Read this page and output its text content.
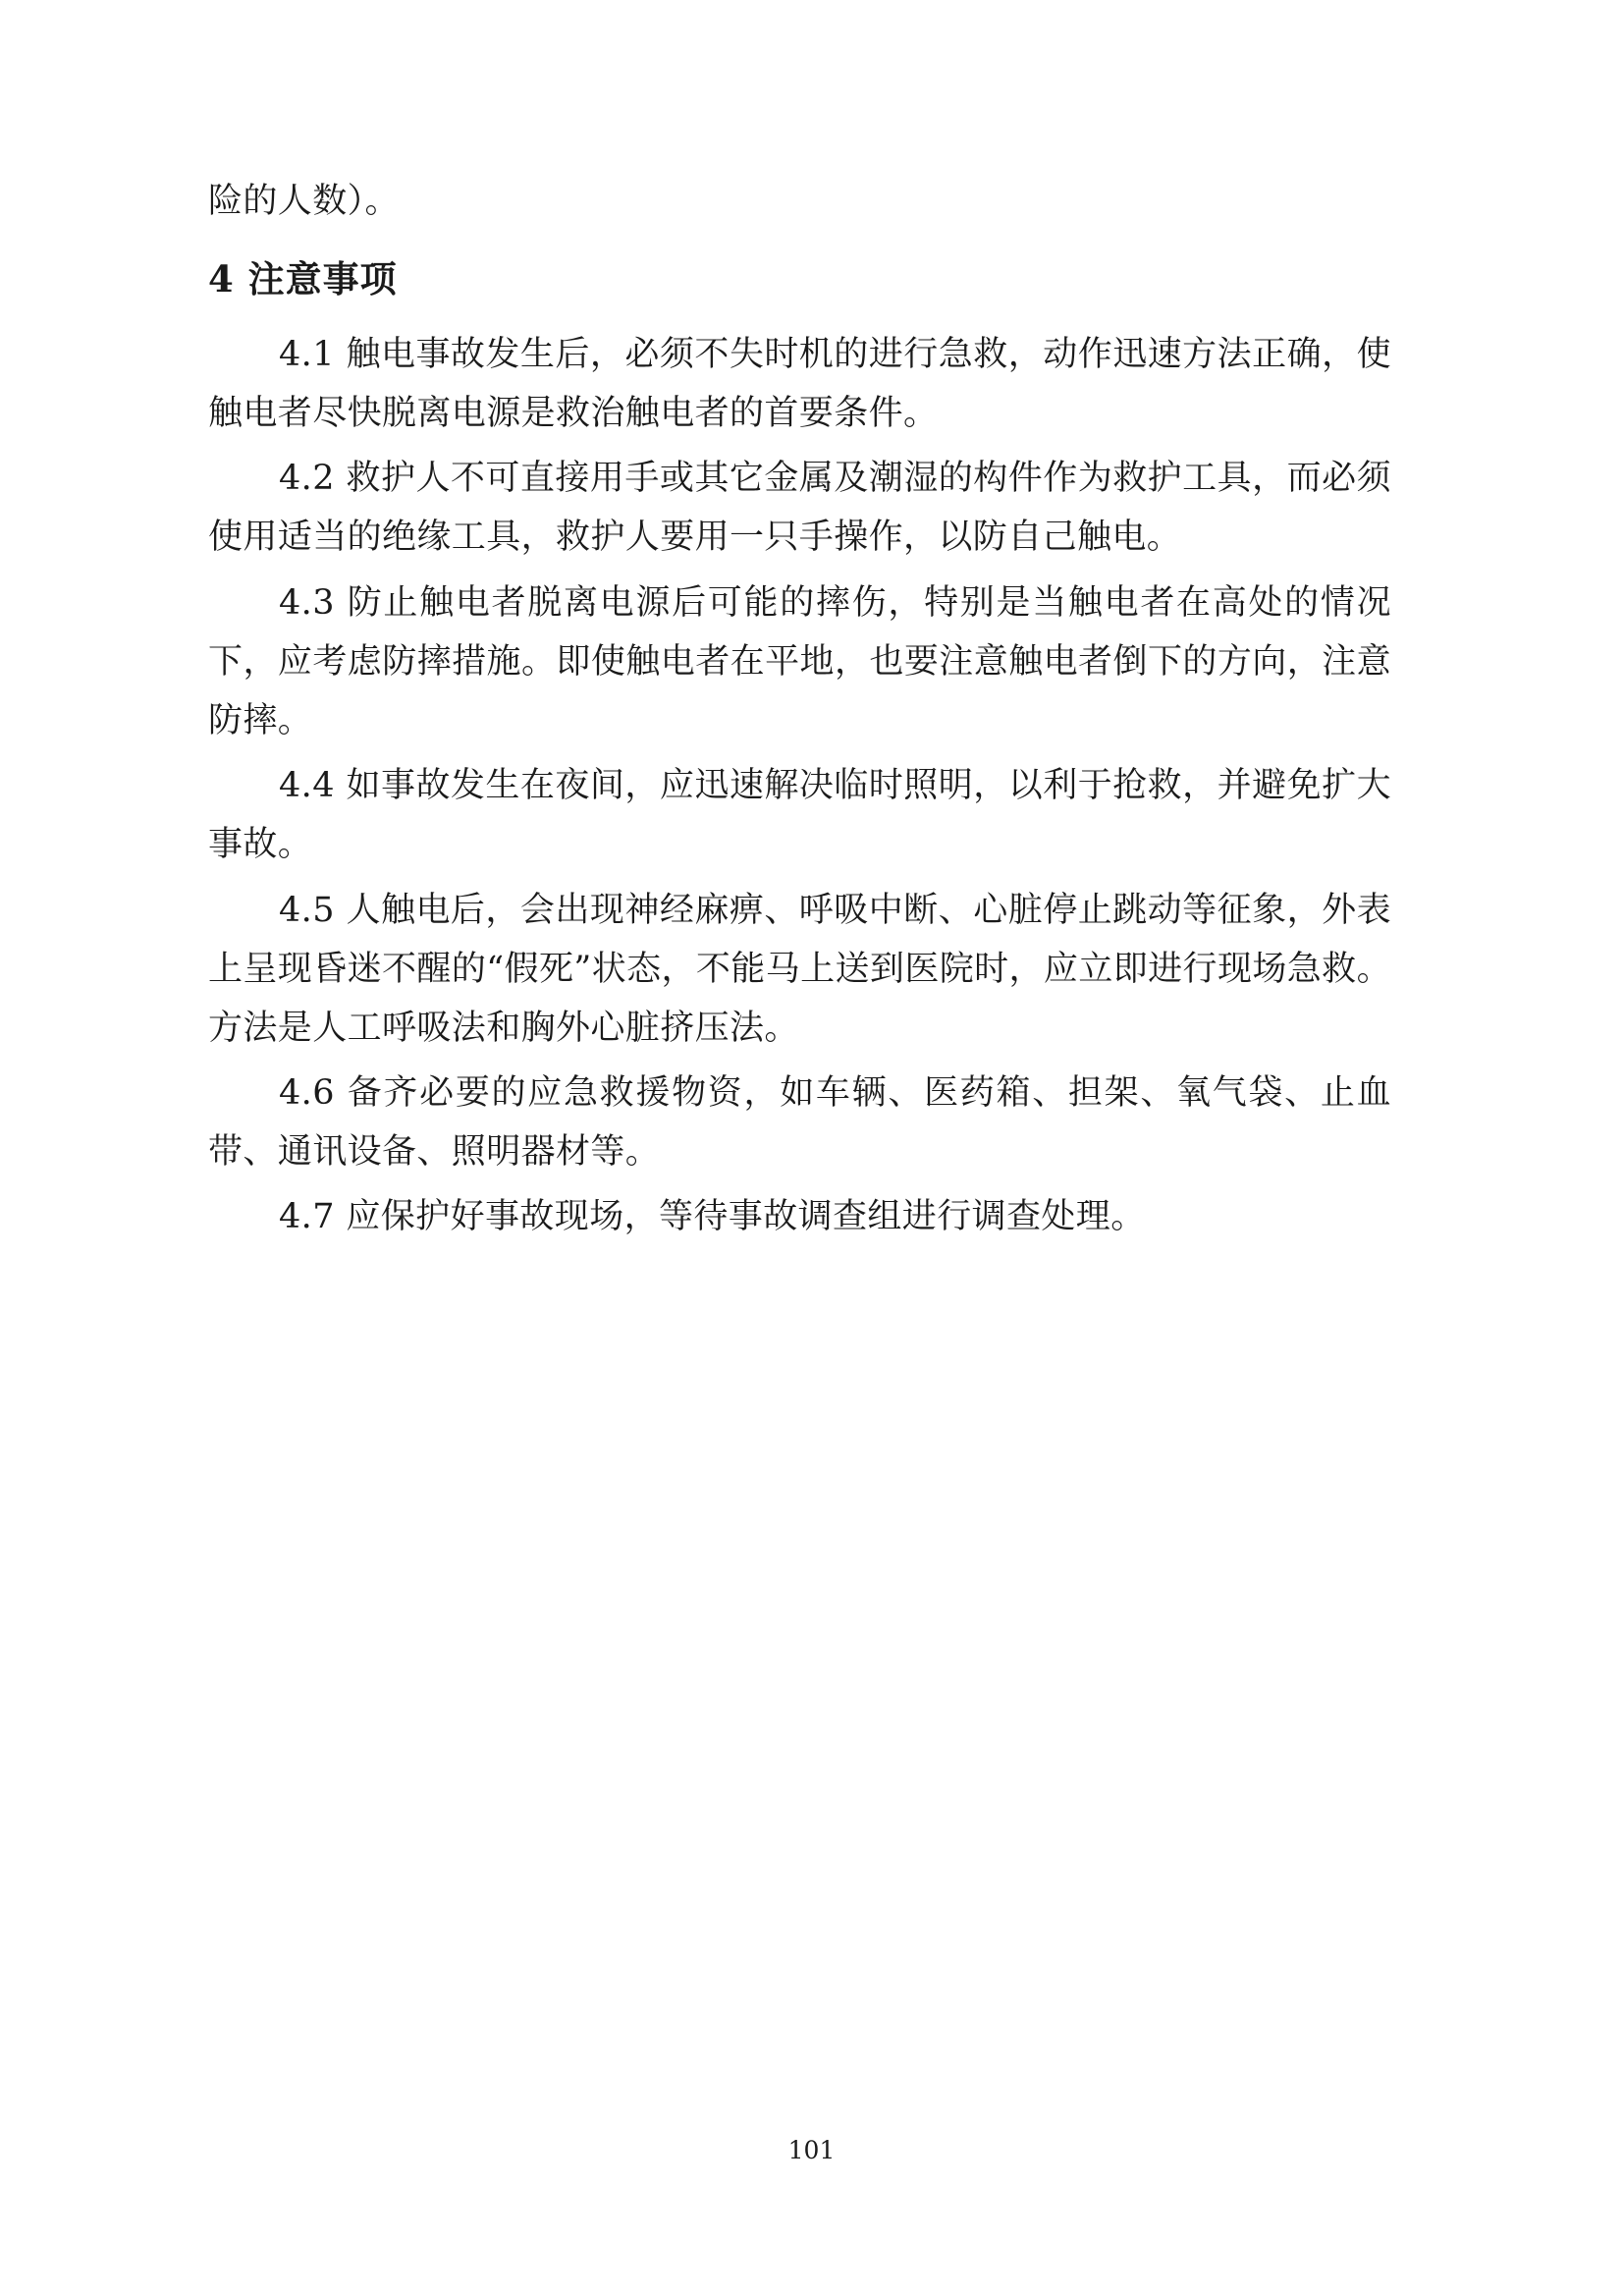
险的人数）。

4 注意事项
4.1 触电事故发生后，必须不失时机的进行急救，动作迅速方法正确，使触电者尽快脱离电源是救治触电者的首要条件。
4.2 救护人不可直接用手或其它金属及潮湿的构件作为救护工具，而必须使用适当的绝缘工具，救护人要用一只手操作，以防自己触电。
4.3 防止触电者脱离电源后可能的摔伤，特别是当触电者在高处的情况下，应考虑防摔措施。即使触电者在平地，也要注意触电者倒下的方向，注意防摔。
4.4 如事故发生在夜间，应迅速解决临时照明，以利于抢救，并避免扩大事故。
4.5 人触电后，会出现神经麻痹、呼吸中断、心脏停止跳动等征象，外表上呈现昏迷不醒的“假死”状态，不能马上送到医院时，应立即进行现场急救。方法是人工呼吸法和胸外心脏挤压法。
4.6 备齐必要的应急救援物资，如车辆、医药箱、担架、氧气袋、止血带、通讯设备、照明器材等。
4.7 应保护好事故现场，等待事故调查组进行调查处理。
101
